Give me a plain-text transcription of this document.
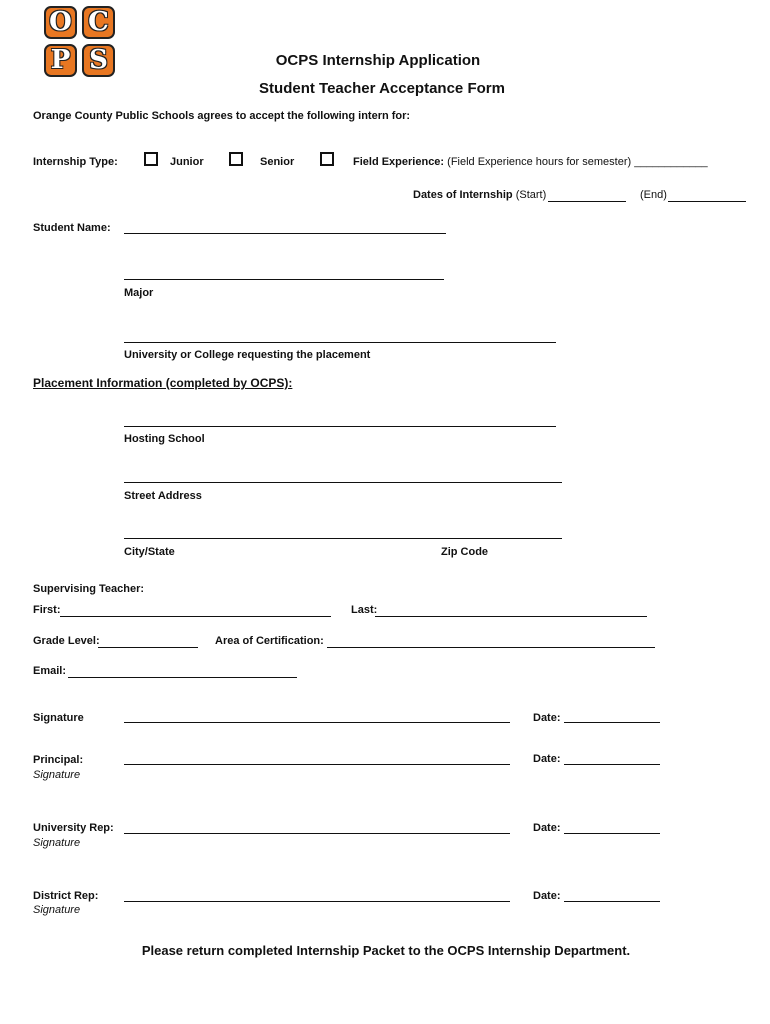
O C
P S	OCPS Internship Application
Student Teacher Acceptance Form
Orange County Public Schools agrees to accept the following intern for:
Internship Type:	Junior	Senior	Field Experience: (Field Experience hours for semester) ____________
Dates of Internship (Start)	(End)
Student Name:
Major
University or College requesting the placement
Placement Information (completed by OCPS):
Hosting School
Street Address
City/State	Zip Code
Supervising Teacher:
First:	Last:
Grade Level:	Area of Certification:
Email:
Signature	Date:
Principal:
Signature
Date:
University Rep:
Signature
Date:
District Rep:
Signature
Date:
Please return completed Internship Packet to the OCPS Internship Department.
